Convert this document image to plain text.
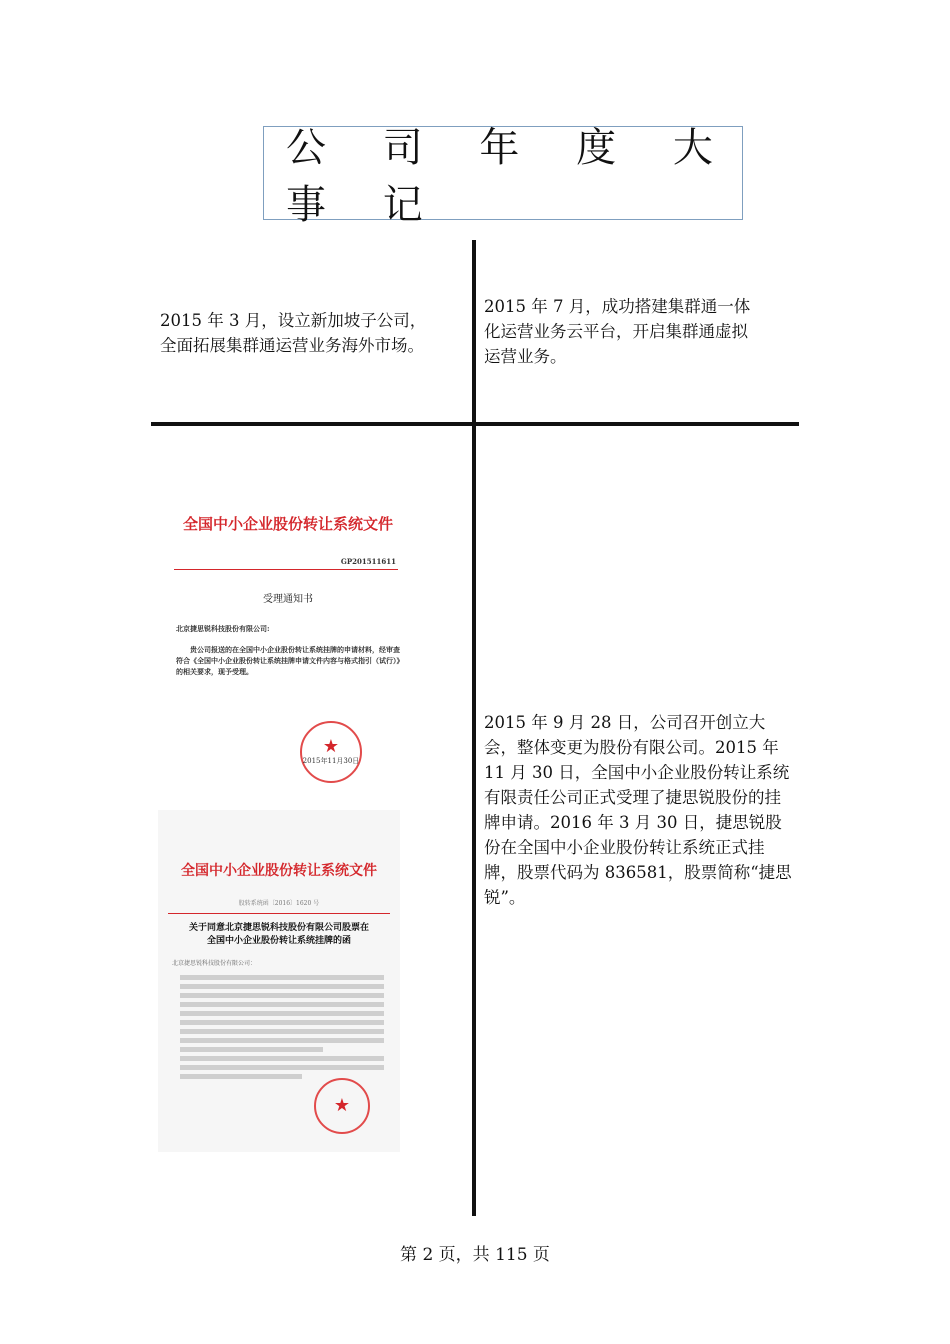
公 司 年 度 大 事 记
2015 年 3 月，设立新加坡子公司，全面拓展集群通运营业务海外市场。
2015 年 7 月，成功搭建集群通一体化运营业务云平台，开启集群通虚拟运营业务。
2015 年 9 月 28 日，公司召开创立大会，整体变更为股份有限公司。2015 年 11 月 30 日，全国中小企业股份转让系统有限责任公司正式受理了捷思锐股份的挂牌申请。2016 年 3 月 30 日，捷思锐股份在全国中小企业股份转让系统正式挂牌，股票代码为 836581，股票简称“捷思锐”。
全国中小企业股份转让系统文件
GP201511611
受理通知书
北京捷思锐科技股份有限公司:
贵公司报送的在全国中小企业股份转让系统挂牌的申请材料，经审查符合《全国中小企业股份转让系统挂牌申请文件内容与格式指引（试行）》的相关要求，现予受理。
★
2015年11月30日
全国中小企业股份转让系统文件
股转系统函〔2016〕1620 号
关于同意北京捷思锐科技股份有限公司股票在全国中小企业股份转让系统挂牌的函
北京捷思锐科技股份有限公司：
★
第 2 页，共 115 页
